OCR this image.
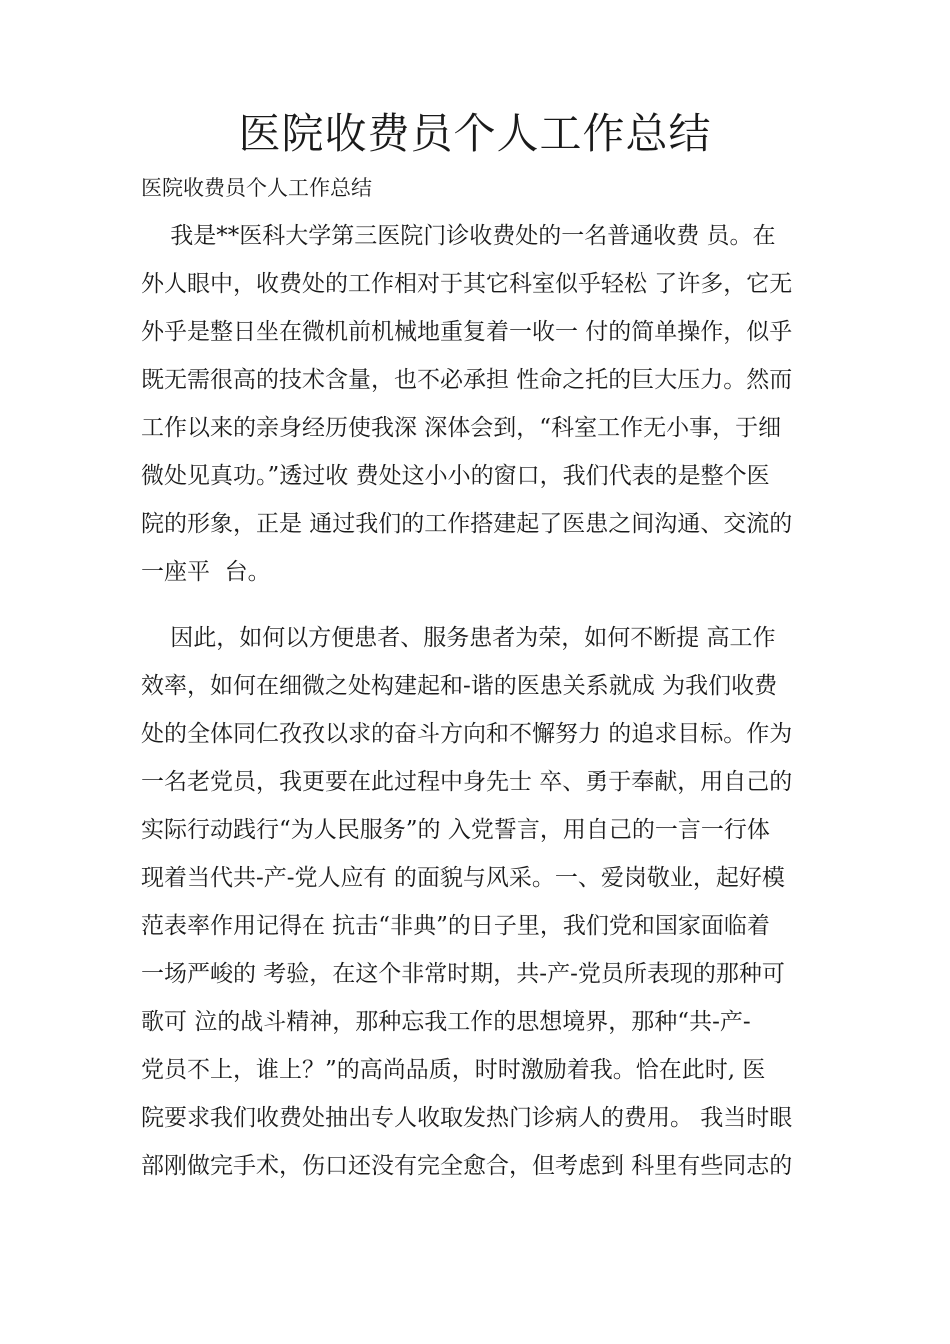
医院收费员个人工作总结
医院收费员个人工作总结
我是**医科大学第三医院门诊收费处的一名普通收费 员。在
外人眼中，收费处的工作相对于其它科室似乎轻松 了许多，它无
外乎是整日坐在微机前机械地重复着一收一 付的简单操作，似乎
既无需很高的技术含量，也不必承担 性命之托的巨大压力。然而
工作以来的亲身经历使我深 深体会到，“科室工作无小事，于细
微处见真功。”透过收 费处这小小的窗口，我们代表的是整个医
院的形象，正是 通过我们的工作搭建起了医患之间沟通、交流的
一座平  台。
因此，如何以方便患者、服务患者为荣，如何不断提 高工作
效率，如何在细微之处构建起和-谐的医患关系就成 为我们收费
处的全体同仁孜孜以求的奋斗方向和不懈努力 的追求目标。作为
一名老党员，我更要在此过程中身先士 卒、勇于奉献，用自己的
实际行动践行“为人民服务”的 入党誓言，用自己的一言一行体
现着当代共-产-党人应有 的面貌与风采。一、爱岗敬业，起好模
范表率作用记得在 抗击“非典”的日子里，我们党和国家面临着
一场严峻的 考验，在这个非常时期，共-产-党员所表现的那种可
歌可 泣的战斗精神，那种忘我工作的思想境界，那种“共-产-
党员不上，谁上？”的高尚品质，时时激励着我。恰在此时, 医
院要求我们收费处抽出专人收取发热门诊病人的费用。 我当时眼
部刚做完手术，伤口还没有完全愈合，但考虑到 科里有些同志的
